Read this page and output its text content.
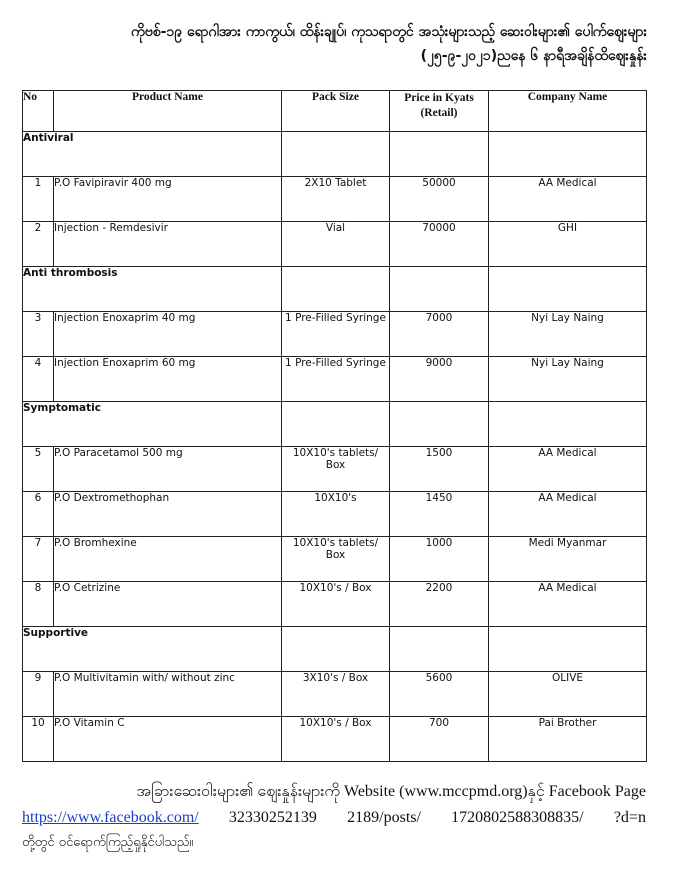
ကိုဗစ်-၁၉ ရောဂါအား ကာကွယ်၊ ထိန်းချုပ်၊ ကုသရာတွင် အသုံးများသည့် ဆေးဝါးများ၏ ပေါက်ဈေးများ
(၂၅-၉-၂၀၂၁)ညနေ ၆ နာရီအချိန်ထိဈေးနှုန်း
No	Product Name	Pack Size	Price in Kyats (Retail)	Company Name
Antiviral				
1	P.O Favipiravir 400 mg	2X10 Tablet	50000	AA Medical
2	Injection - Remdesivir	Vial	70000	GHI
Anti thrombosis				
3	Injection Enoxaprim 40 mg	1 Pre-Filled Syringe	7000	Nyi Lay Naing
4	Injection Enoxaprim 60 mg	1 Pre-Filled Syringe	9000	Nyi Lay Naing
Symptomatic				
5	P.O Paracetamol 500 mg	10X10's tablets/ Box	1500	AA Medical
6	P.O Dextromethophan	10X10's	1450	AA Medical
7	P.O Bromhexine	10X10's tablets/ Box	1000	Medi Myanmar
8	P.O Cetrizine	10X10's / Box	2200	AA Medical
Supportive				
9	P.O Multivitamin with/ without zinc	3X10's / Box	5600	OLIVE
10	P.O Vitamin C	10X10's / Box	700	Pai Brother
အခြားဆေးဝါးများ၏ ဈေးနှုန်းများကို Website (www.mccpmd.org)နှင့် Facebook Page
https://www.facebook.com/ 32330252139 2189/posts/ 1720802588308835/ ?d=n
တို့တွင် ဝင်ရောက်ကြည့်ရှုနိုင်ပါသည်။
